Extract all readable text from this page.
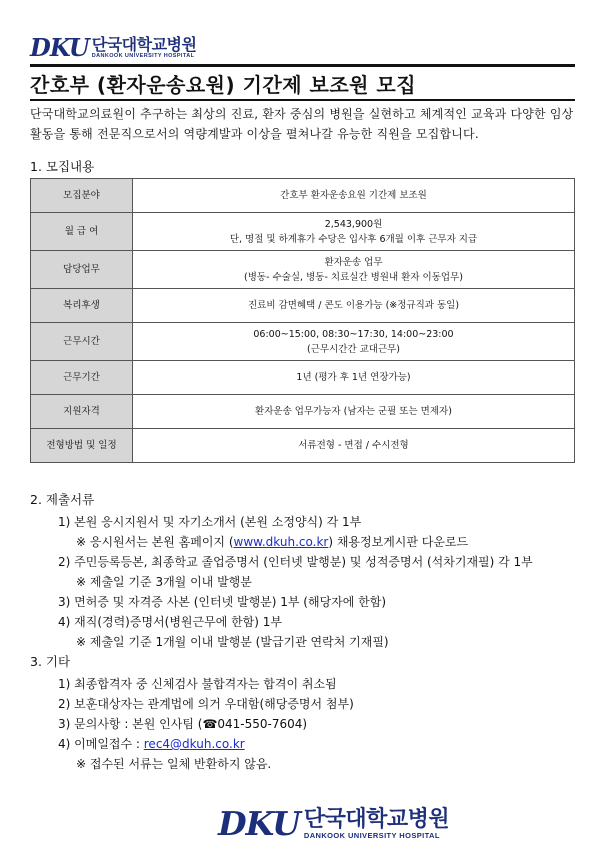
DKU 단국대학교병원
DANKOOK UNIVERSITY HOSPITAL
간호부 (환자운송요원) 기간제 보조원 모집
단국대학교의료원이 추구하는 최상의 진료, 환자 중심의 병원을 실현하고 체계적인 교육과 다양한 임상활동을 통해 전문직으로서의 역량계발과 이상을 펼쳐나갈 유능한 직원을 모집합니다.
1. 모집내용
모집분야	간호부 환자운송요원 기간제 보조원

월 급 여	2,543,900원
단, 명절 및 하계휴가 수당은 입사후 6개월 이후 근무자 지급

담당업무	환자운송 업무
(병동- 수술실, 병동- 치료실간 병원내 환자 이동업무)

복리후생	진료비 감면혜택 / 콘도 이용가능 (※정규직과 동일)

근무시간	06:00~15:00, 08:30~17:30, 14:00~23:00
(근무시간간 교대근무)

근무기간	1년 (평가 후 1년 연장가능)

지원자격	환자운송 업무가능자 (남자는 군필 또는 면제자)

전형방법 및 일정	서류전형 - 면접 / 수시전형
2. 제출서류
1) 본원 응시지원서 및 자기소개서 (본원 소정양식) 각 1부
※ 응시원서는 본원 홈페이지 (www.dkuh.co.kr) 채용정보게시판 다운로드
2) 주민등록등본, 최종학교 졸업증명서 (인터넷 발행분) 및 성적증명서 (석차기재필) 각 1부
※ 제출일 기준 3개월 이내 발행분
3) 면허증 및 자격증 사본 (인터넷 발행분) 1부 (해당자에 한함)
4) 재직(경력)증명서(병원근무에 한함) 1부
※ 제출일 기준 1개월 이내 발행분 (발급기관 연락처 기재필)
3. 기타
1) 최종합격자 중 신체검사 불합격자는 합격이 취소됨
2) 보훈대상자는 관계법에 의거 우대함(해당증명서 첨부)
3) 문의사항 : 본원 인사팀 (☎041-550-7604)
4) 이메일접수 : rec4@dkuh.co.kr
※ 접수된 서류는 일체 반환하지 않음.
DKU 단국대학교병원
DANKOOK UNIVERSITY HOSPITAL
